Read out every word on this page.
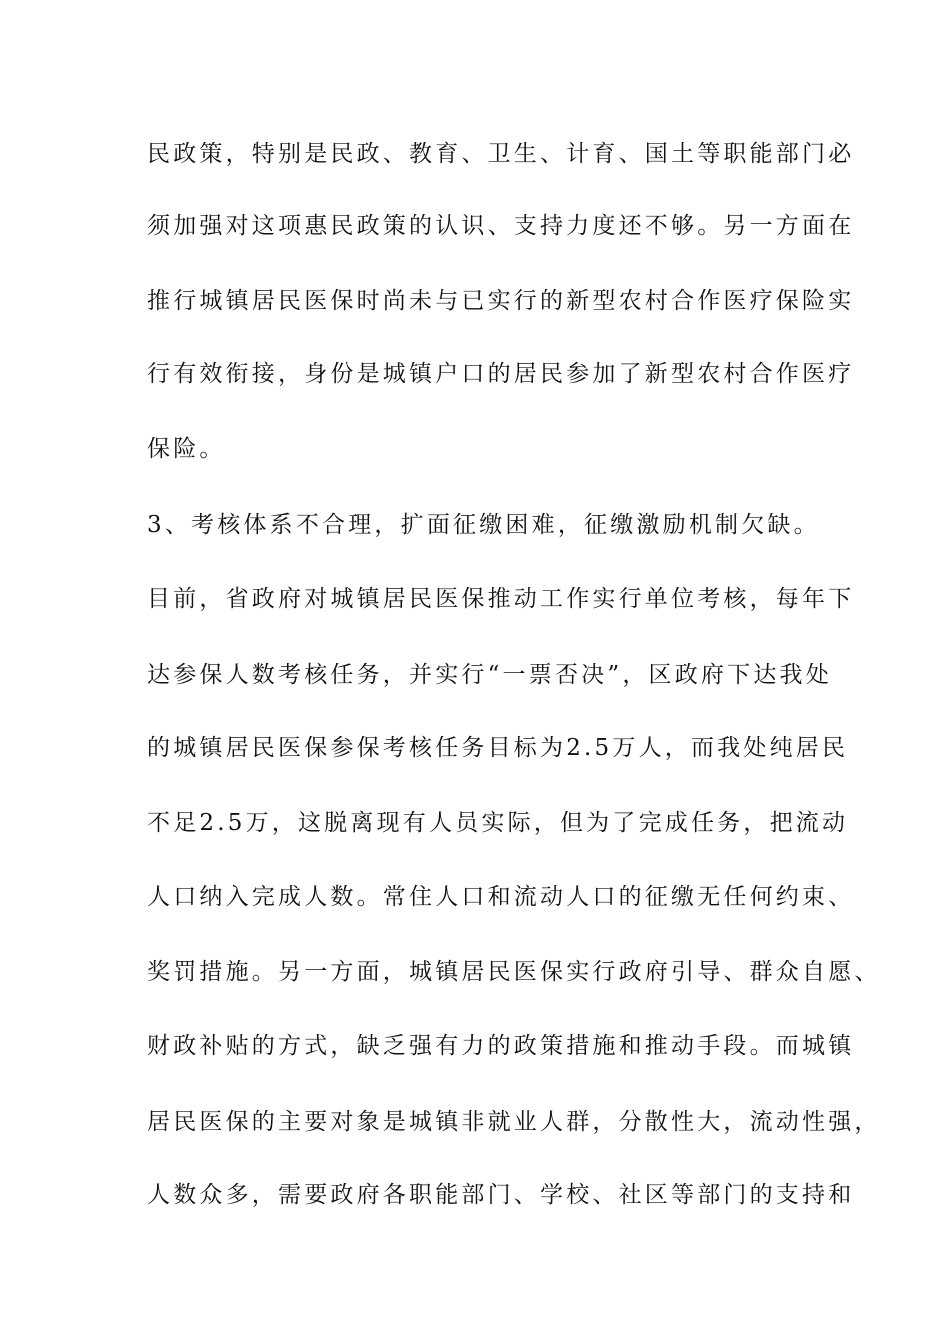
民政策，特别是民政、教育、卫生、计育、国土等职能部门必
须加强对这项惠民政策的认识、支持力度还不够。另一方面在
推行城镇居民医保时尚未与已实行的新型农村合作医疗保险实
行有效衔接，身份是城镇户口的居民参加了新型农村合作医疗
保险。
3、考核体系不合理，扩面征缴困难，征缴激励机制欠缺。
目前，省政府对城镇居民医保推动工作实行单位考核，每年下
达参保人数考核任务，并实行“一票否决”，区政府下达我处
的城镇居民医保参保考核任务目标为2.5万人，而我处纯居民
不足2.5万，这脱离现有人员实际，但为了完成任务，把流动
人口纳入完成人数。常住人口和流动人口的征缴无任何约束、
奖罚措施。另一方面，城镇居民医保实行政府引导、群众自愿、
财政补贴的方式，缺乏强有力的政策措施和推动手段。而城镇
居民医保的主要对象是城镇非就业人群，分散性大，流动性强，
人数众多，需要政府各职能部门、学校、社区等部门的支持和
